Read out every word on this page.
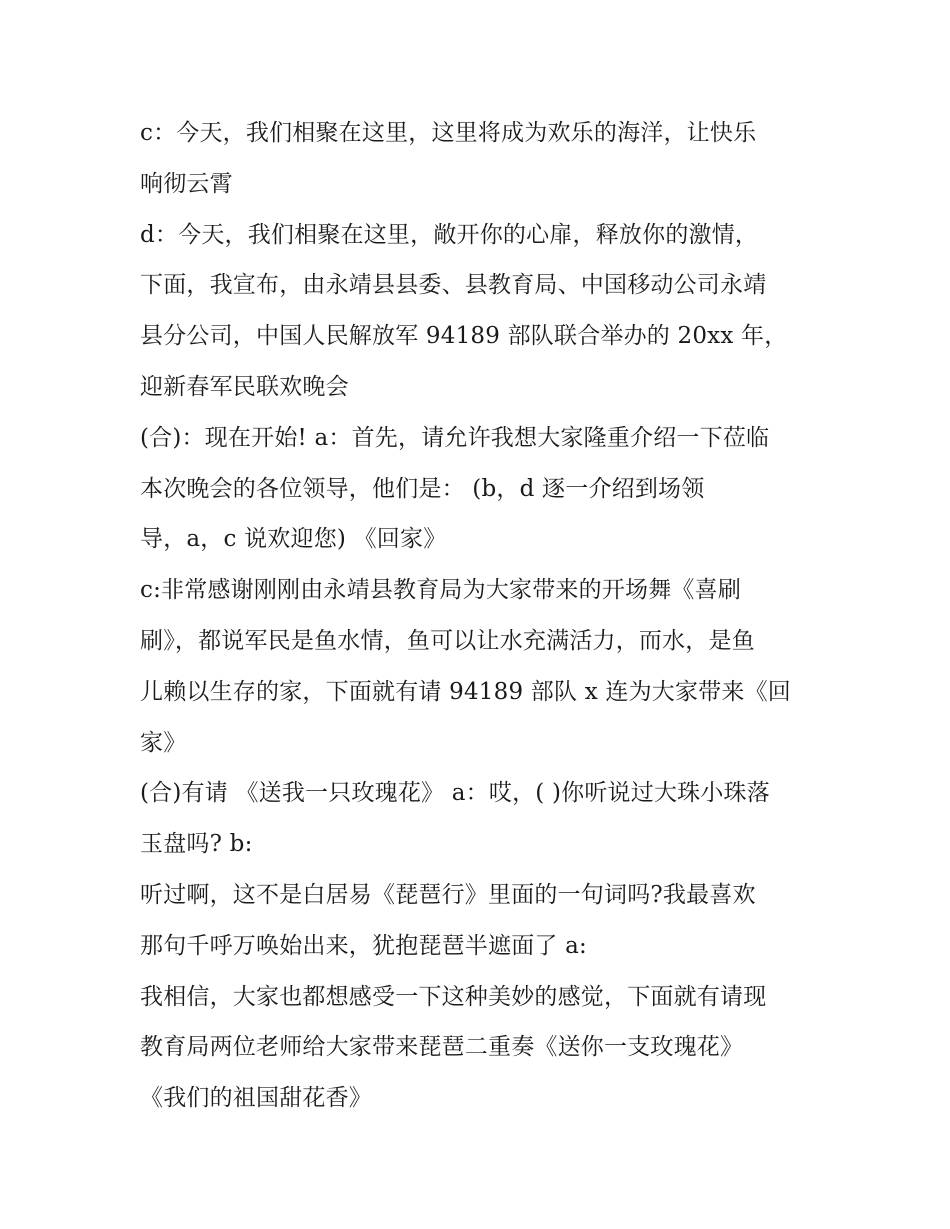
c：今天，我们相聚在这里，这里将成为欢乐的海洋，让快乐
响彻云霄
d：今天，我们相聚在这里，敞开你的心扉，释放你的激情，
下面，我宣布，由永靖县县委、县教育局、中国移动公司永靖
县分公司，中国人民解放军 94189 部队联合举办的 20xx 年，
迎新春军民联欢晚会
(合)：现在开始! a：首先，请允许我想大家隆重介绍一下莅临
本次晚会的各位领导，他们是： (b，d 逐一介绍到场领
导，a，c 说欢迎您) 《回家》
c:非常感谢刚刚由永靖县教育局为大家带来的开场舞《喜刷
刷》，都说军民是鱼水情，鱼可以让水充满活力，而水，是鱼
儿赖以生存的家，下面就有请 94189 部队 x 连为大家带来《回
家》
(合)有请 《送我一只玫瑰花》 a：哎，( )你听说过大珠小珠落
玉盘吗? b:
听过啊，这不是白居易《琵琶行》里面的一句词吗?我最喜欢
那句千呼万唤始出来，犹抱琵琶半遮面了 a:
我相信，大家也都想感受一下这种美妙的感觉，下面就有请现
教育局两位老师给大家带来琵琶二重奏《送你一支玫瑰花》
《我们的祖国甜花香》
